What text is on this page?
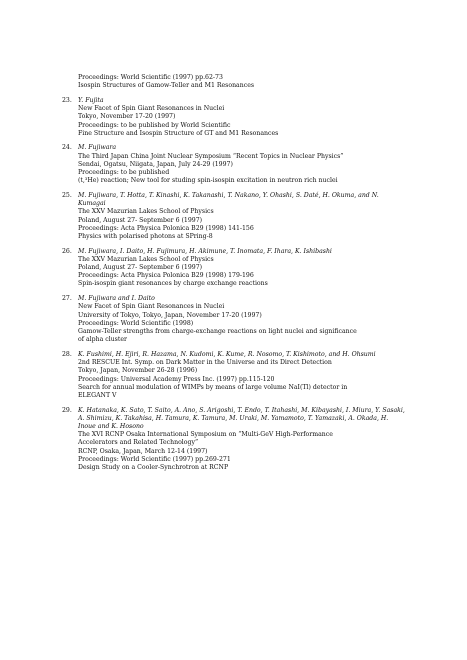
Proceedings: World Scientific (1997) pp.62-73
Isospin Structures of Gamow-Teller and M1 Resonances
23. Y. Fujita
New Facet of Spin Giant Resonances in Nuclei
Tokyo, November 17-20 (1997)
Proceedings: to be published by World Scientific
Fine Structure and Isospin Structure of GT and M1 Resonances
24. M. Fujiwara
The Third Japan China Joint Nuclear Symposium “Recent Topics in Nuclear Physics”
Sendai, Ogatsu, Niigata, Japan, July 24-29 (1997)
Proceedings: to be published
(t,³He) reaction; New tool for studing spin-isospin excitation in neutron rich nuclei
25. M. Fujiwara, T. Hotta, T. Kinashi, K. Takanashi, T. Nakano, Y. Ohashi, S. Daté, H. Okuma, and N. Kumagai
The XXV Mazurian Lakes School of Physics
Poland, August 27- September 6 (1997)
Proceedings: Acta Physica Polonica B29 (1998) 141-156
Physics with polarised photons at SPring-8
26. M. Fujiwara, I. Daito, H. Fujimura, H. Akimune, T. Inomata, F. Ihara, K. Ishibashi
The XXV Mazurian Lakes School of Physics
Poland, August 27- September 6 (1997)
Proceedings: Acta Physica Polonica B29 (1998) 179-196
Spin-isospin giant resonances by charge exchange reactions
27. M. Fujiwara and I. Daito
New Facet of Spin Giant Resonances in Nuclei
University of Tokyo, Tokyo, Japan, November 17-20 (1997)
Proceedings: World Scientific (1998)
Gamow-Teller strengths from charge-exchange reactions on light nuclei and significance
of alpha cluster
28. K. Fushimi, H. Ejiri, R. Hazama, N. Kudomi, K. Kume, R. Nosomo, T. Kishimoto, and H. Ohsumi
2nd RESCUE Int. Symp. on Dark Matter in the Universe and its Direct Detection
Tokyo, Japan, November 26-28 (1996)
Proceedings: Universal Academy Press Inc. (1997) pp.115-120
Search for annual modulation of WIMPs by means of large volume NaI(Tl) detector in
ELEGANT V
29. K. Hatanaka, K. Sato, T. Saito, A. Ano, S. Arigoshi, T. Endo, T. Itahashi, M. Kibayashi, I. Miura, Y. Sasaki, A. Shimizu, K. Takahisa, H. Tamura, K. Tamura, M. Uraki, M. Yamamoto, T. Yamazaki, A. Okada, H. Inoue and K. Hosono
The XVI RCNP Osaka International Symposium on “Multi-GeV High-Performance
Accelerators and Related Technology”
RCNP, Osaka, Japan, March 12-14 (1997)
Proceedings: World Scientific (1997) pp.269-271
Design Study on a Cooler-Synchrotron at RCNP
